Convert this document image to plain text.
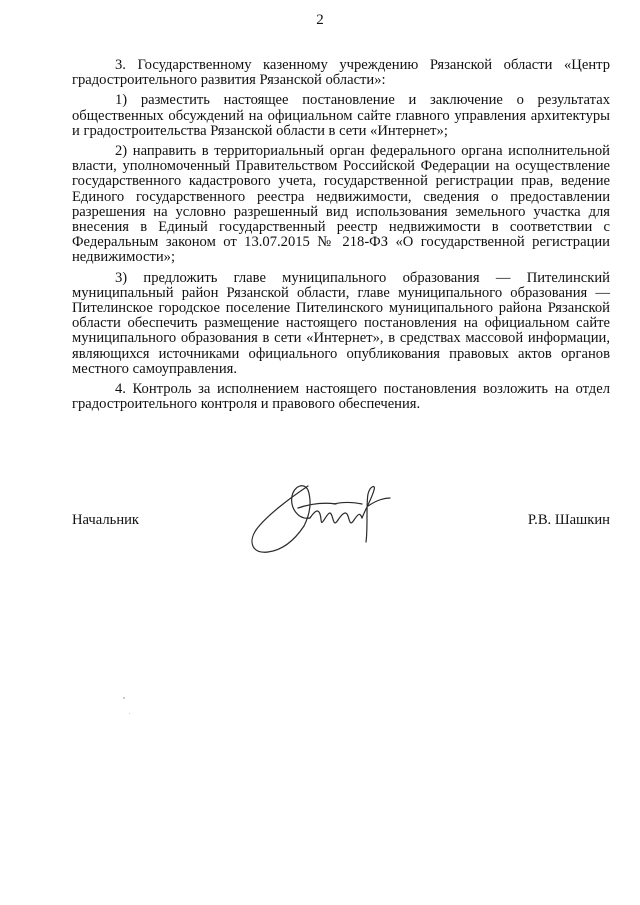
2

3. Государственному казенному учреждению Рязанской области «Центр градостроительного развития Рязанской области»:

1) разместить настоящее постановление и заключение о результатах общественных обсуждений на официальном сайте главного управления архитектуры и градостроительства Рязанской области в сети «Интернет»;

2) направить в территориальный орган федерального органа исполнительной власти, уполномоченный Правительством Российской Федерации на осуществление государственного кадастрового учета, государственной регистрации прав, ведение Единого государственного реестра недвижимости, сведения о предоставлении разрешения на условно разрешенный вид использования земельного участка для внесения в Единый государственный реестр недвижимости в соответствии с Федеральным законом от 13.07.2015 № 218-ФЗ «О государственной регистрации недвижимости»;

3) предложить главе муниципального образования — Пителинский муниципальный район Рязанской области, главе муниципального образования — Пителинское городское поселение Пителинского муниципального района Рязанской области обеспечить размещение настоящего постановления на официальном сайте муниципального образования в сети «Интернет», в средствах массовой информации, являющихся источниками официального опубликования правовых актов органов местного самоуправления.

4. Контроль за исполнением настоящего постановления возложить на отдел градостроительного контроля и правового обеспечения.

Начальник	Р.В. Шашкин
